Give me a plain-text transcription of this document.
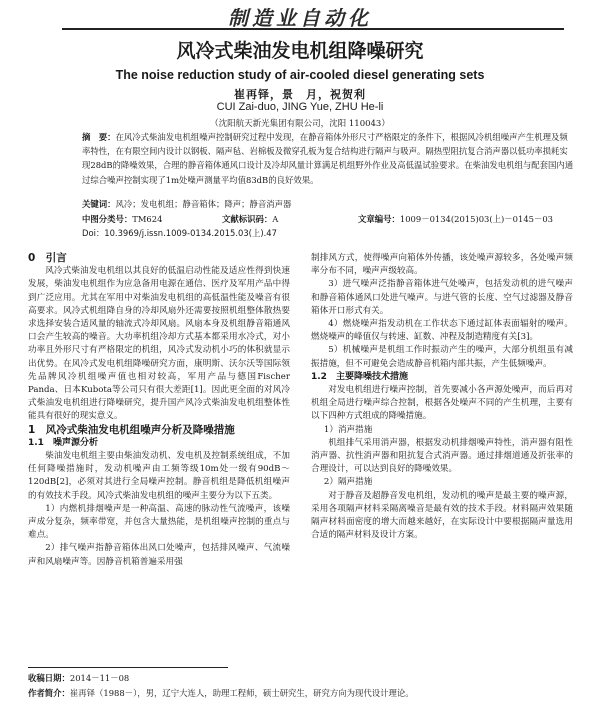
制造业自动化
风冷式柴油发电机组降噪研究
The noise reduction study of air-cooled diesel generating sets
崔再铎，景　月，祝贺利
CUI Zai-duo, JING Yue, ZHU He-li
（沈阳航天新光集团有限公司，沈阳 110043）
摘　要：在风冷式柴油发电机组噪声控制研究过程中发现，在静音箱体外形尺寸严格限定的条件下，根据风冷机组噪声产生机理及频率特性，在有限空间内设计以钢板、隔声毡、岩棉板及微穿孔板为复合结构进行隔声与吸声。隔热型阻抗复合消声器以低功率损耗实现28dB的降噪效果，合理的静音箱体通风口设计及冷却风量计算满足机组野外作业及高低温试验要求。在柴油发电机组与配套国内通过综合噪声控制实现了1m处噪声测量平均值83dB的良好效果。
关键词：风冷；发电机组；静音箱体；降声；静音消声器
中图分类号：TM624	文献标识码：A	文章编号：1009－0134(2015)03(上)－0145－03
Doi：10.3969/j.issn.1009-0134.2015.03(上).47

0　引言

风冷式柴油发电机组以其良好的低温启动性能及适应性得到快速发展，柴油发电机组作为应急备用电源在通信、医疗及军用产品中得到广泛应用。尤其在军用中对柴油发电机组的高低温性能及噪音有很高要求。风冷式机组降自身的冷却风扇外还需要按照机组整体散热要求选择安装合适风量的轴流式冷却风扇。风扇本身及机组静音箱通风口会产生较高的噪音。大功率机组冷却方式基本都采用水冷式，对小功率且外形尺寸有严格限定的机组，风冷式发动机小巧的体积就显示出优势。在风冷式发电机组降噪研究方面，康明斯、沃尔沃等国际领先品牌风冷机组噪声值也相对较高，军用产品与德国Fischer Panda、日本Kubota等公司只有很大差距[1]。因此更全面的对风冷式柴油发电机组进行降噪研究，提升国产风冷式柴油发电机组整体性能具有很好的现实意义。

1　风冷式柴油发电机组噪声分析及降噪措施

1.1　噪声源分析

柴油发电机组主要由柴油发动机、发电机及控制系统组成，不加任何降噪措施时，发动机噪声由工频等级10m处一级有90dB～120dB[2]，必须对其进行全局噪声控制。静音机组是降低机组噪声的有效技术手段。风冷式柴油发电机组的噪声主要分为以下五类。

1）内燃机排烟噪声是一种高温、高速的脉动性气流噪声，该噪声成分复杂，频率带宽，并包含大量热能，是机组噪声控制的重点与难点。

2）排气噪声指静音箱体出风口处噪声，包括排风噪声、气流噪声和风扇噪声等。因静音机箱普遍采用强

制排风方式，使得噪声向箱体外传播，该处噪声源较多，各处噪声频率分布不同，噪声声级较高。

3）进气噪声泛指静音箱体进气处噪声，包括发动机的进气噪声和静音箱体通风口处进气噪声。与进气管的长度、空气过滤器及静音箱体开口形式有关。

4）燃烧噪声指发动机在工作状态下通过缸体表面辐射的噪声。燃烧噪声的峰值仅与转速、缸数、冲程及制造精度有关[3]。

5）机械噪声是机组工作时振动产生的噪声，大部分机组虽有减振措施，但不可避免会造成静音机箱内部共振，产生低频噪声。

1.2　主要降噪技术措施

对发电机组进行噪声控制，首先要减小各声源处噪声，而后再对机组全局进行噪声综合控制，根据各处噪声不同的产生机理，主要有以下四种方式组成的降噪措施。

1）消声措施

机组排气采用消声器，根据发动机排烟噪声特性，消声器有阻性消声器、抗性消声器和阻抗复合式消声器。通过排烟道通及折张率的合理设计，可以达到良好的降噪效果。

2）隔声措施

对于静音及超静音发电机组，发动机的噪声是最主要的噪声源，采用各项隔声材料采隔离噪音是最有效的技术手段。材料隔声效果随隔声材料面密度的增大而越来越好，在实际设计中要根据隔声量选用合适的隔声材料及设计方案。

收稿日期：2014－11－08
作者简介：崔再铎（1988－），男，辽宁大连人，助理工程师，硕士研究生，研究方向为现代设计理论。
